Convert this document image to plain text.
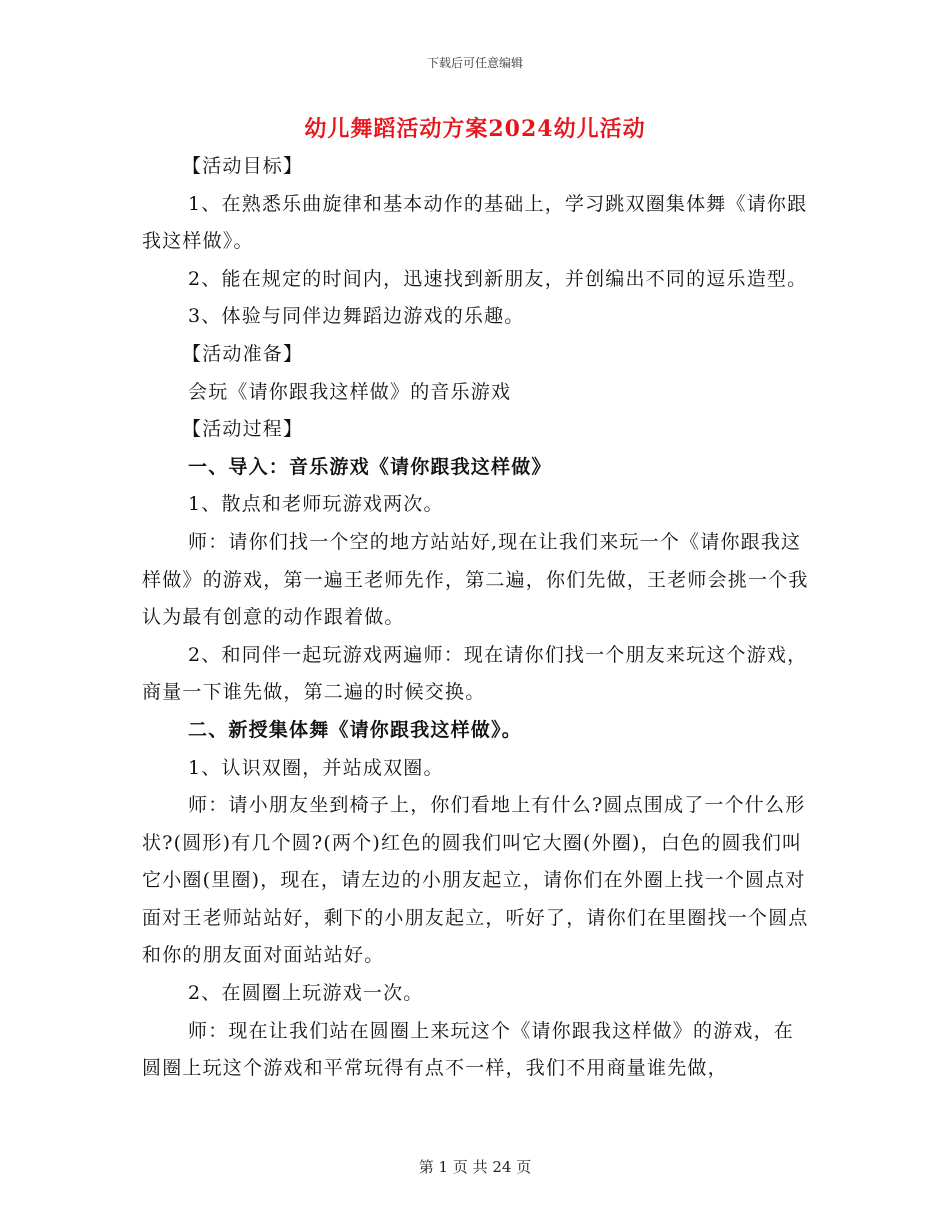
下载后可任意编辑
幼儿舞蹈活动方案2024幼儿活动

【活动目标】

1、在熟悉乐曲旋律和基本动作的基础上，学习跳双圈集体舞《请你跟我这样做》。

2、能在规定的时间内，迅速找到新朋友，并创编出不同的逗乐造型。

3、体验与同伴边舞蹈边游戏的乐趣。

【活动准备】

会玩《请你跟我这样做》的音乐游戏

【活动过程】

一、导入：音乐游戏《请你跟我这样做》

1、散点和老师玩游戏两次。

师：请你们找一个空的地方站站好,现在让我们来玩一个《请你跟我这样做》的游戏，第一遍王老师先作，第二遍，你们先做，王老师会挑一个我认为最有创意的动作跟着做。

2、和同伴一起玩游戏两遍师：现在请你们找一个朋友来玩这个游戏，商量一下谁先做，第二遍的时候交换。

二、新授集体舞《请你跟我这样做》。

1、认识双圈，并站成双圈。

师：请小朋友坐到椅子上，你们看地上有什么?圆点围成了一个什么形状?(圆形)有几个圆?(两个)红色的圆我们叫它大圈(外圈)，白色的圆我们叫它小圈(里圈)，现在，请左边的小朋友起立，请你们在外圈上找一个圆点对面对王老师站站好，剩下的小朋友起立，听好了，请你们在里圈找一个圆点和你的朋友面对面站站好。

2、在圆圈上玩游戏一次。

师：现在让我们站在圆圈上来玩这个《请你跟我这样做》的游戏，在圆圈上玩这个游戏和平常玩得有点不一样，我们不用商量谁先做，

第 1 页 共 24 页
